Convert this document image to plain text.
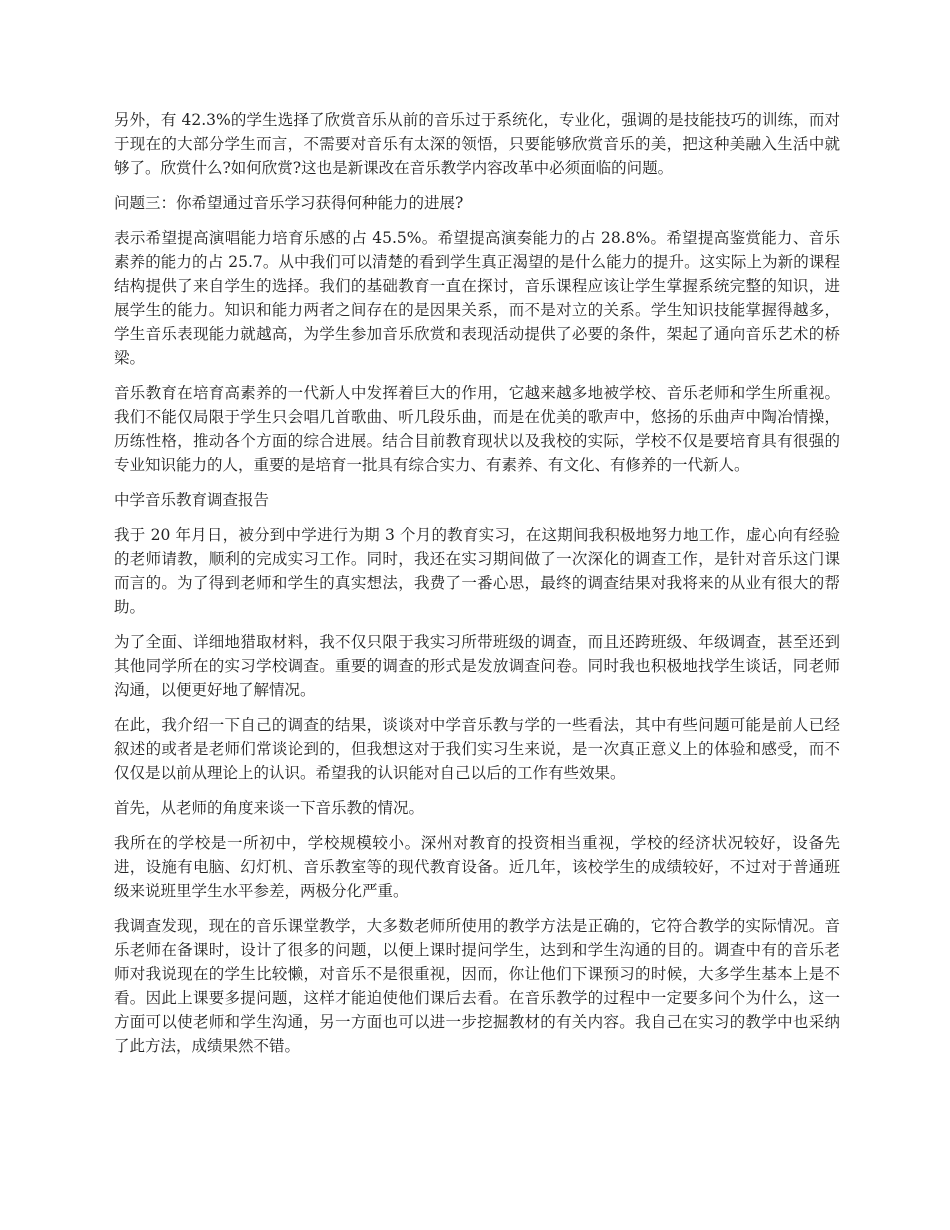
另外，有 42.3%的学生选择了欣赏音乐从前的音乐过于系统化，专业化，强调的是技能技巧的训练，而对于现在的大部分学生而言，不需要对音乐有太深的领悟，只要能够欣赏音乐的美，把这种美融入生活中就够了。欣赏什么?如何欣赏?这也是新课改在音乐教学内容改革中必须面临的问题。

问题三：你希望通过音乐学习获得何种能力的进展?

表示希望提高演唱能力培育乐感的占 45.5%。希望提高演奏能力的占 28.8%。希望提高鉴赏能力、音乐素养的能力的占 25.7。从中我们可以清楚的看到学生真正渴望的是什么能力的提升。这实际上为新的课程结构提供了来自学生的选择。我们的基础教育一直在探讨，音乐课程应该让学生掌握系统完整的知识，进展学生的能力。知识和能力两者之间存在的是因果关系，而不是对立的关系。学生知识技能掌握得越多，学生音乐表现能力就越高，为学生参加音乐欣赏和表现活动提供了必要的条件，架起了通向音乐艺术的桥梁。

音乐教育在培育高素养的一代新人中发挥着巨大的作用，它越来越多地被学校、音乐老师和学生所重视。我们不能仅局限于学生只会唱几首歌曲、听几段乐曲，而是在优美的歌声中，悠扬的乐曲声中陶冶情操，历练性格，推动各个方面的综合进展。结合目前教育现状以及我校的实际，学校不仅是要培育具有很强的专业知识能力的人，重要的是培育一批具有综合实力、有素养、有文化、有修养的一代新人。

中学音乐教育调查报告

我于 20 年月日，被分到中学进行为期 3 个月的教育实习，在这期间我积极地努力地工作，虚心向有经验的老师请教，顺利的完成实习工作。同时，我还在实习期间做了一次深化的调查工作，是针对音乐这门课而言的。为了得到老师和学生的真实想法，我费了一番心思，最终的调查结果对我将来的从业有很大的帮助。

为了全面、详细地猎取材料，我不仅只限于我实习所带班级的调查，而且还跨班级、年级调查，甚至还到其他同学所在的实习学校调查。重要的调查的形式是发放调查问卷。同时我也积极地找学生谈话，同老师沟通，以便更好地了解情况。

在此，我介绍一下自己的调查的结果，谈谈对中学音乐教与学的一些看法，其中有些问题可能是前人已经叙述的或者是老师们常谈论到的，但我想这对于我们实习生来说，是一次真正意义上的体验和感受，而不仅仅是以前从理论上的认识。希望我的认识能对自己以后的工作有些效果。

首先，从老师的角度来谈一下音乐教的情况。

我所在的学校是一所初中，学校规模较小。深州对教育的投资相当重视，学校的经济状况较好，设备先进，设施有电脑、幻灯机、音乐教室等的现代教育设备。近几年，该校学生的成绩较好，不过对于普通班级来说班里学生水平参差，两极分化严重。

我调查发现，现在的音乐课堂教学，大多数老师所使用的教学方法是正确的，它符合教学的实际情况。音乐老师在备课时，设计了很多的问题，以便上课时提问学生，达到和学生沟通的目的。调查中有的音乐老师对我说现在的学生比较懒，对音乐不是很重视，因而，你让他们下课预习的时候，大多学生基本上是不看。因此上课要多提问题，这样才能迫使他们课后去看。在音乐教学的过程中一定要多问个为什么，这一方面可以使老师和学生沟通，另一方面也可以进一步挖掘教材的有关内容。我自己在实习的教学中也采纳了此方法，成绩果然不错。
